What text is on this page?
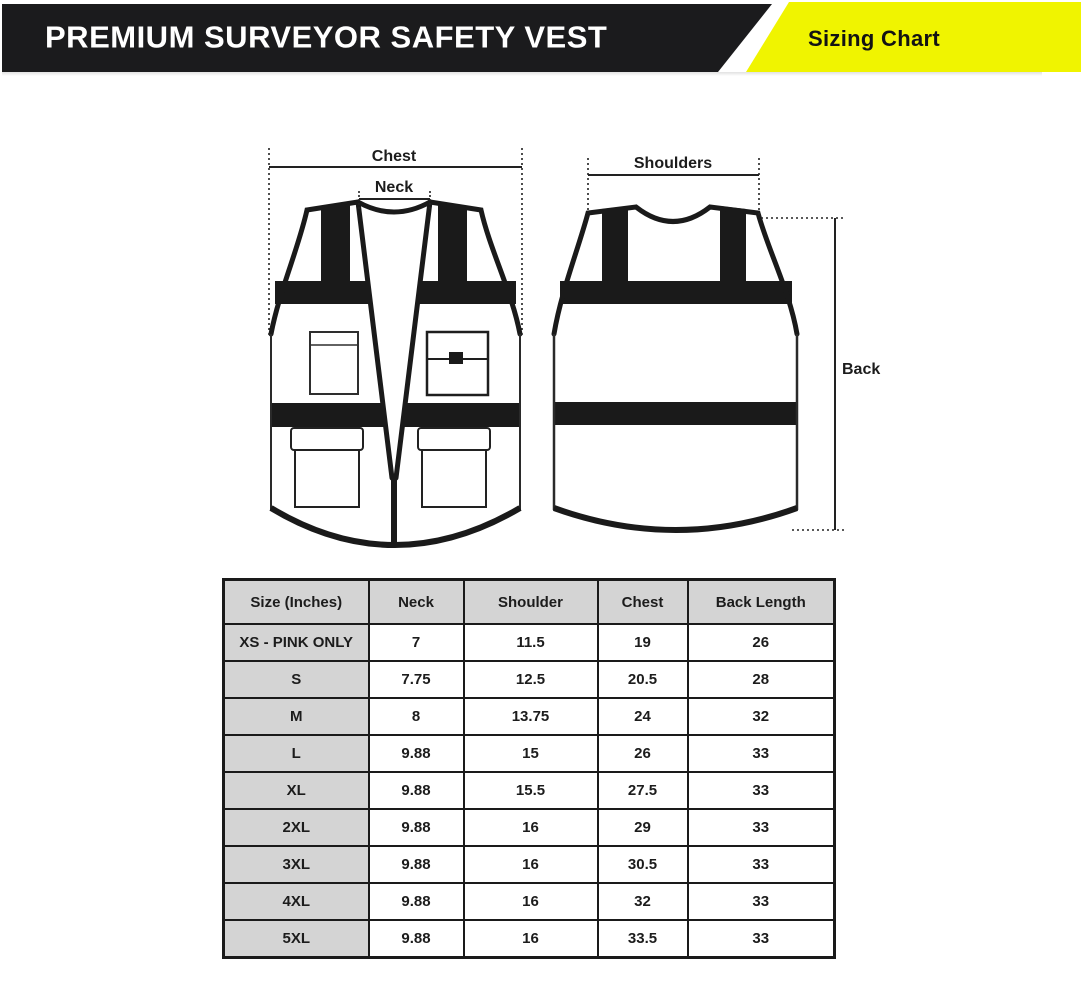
PREMIUM SURVEYOR SAFETY VEST	Sizing Chart
Chest
Neck
Shoulders
Back
Size (Inches)	Neck	Shoulder	Chest	Back Length
XS - PINK ONLY	7	11.5	19	26
S	7.75	12.5	20.5	28
M	8	13.75	24	32
L	9.88	15	26	33
XL	9.88	15.5	27.5	33
2XL	9.88	16	29	33
3XL	9.88	16	30.5	33
4XL	9.88	16	32	33
5XL	9.88	16	33.5	33
